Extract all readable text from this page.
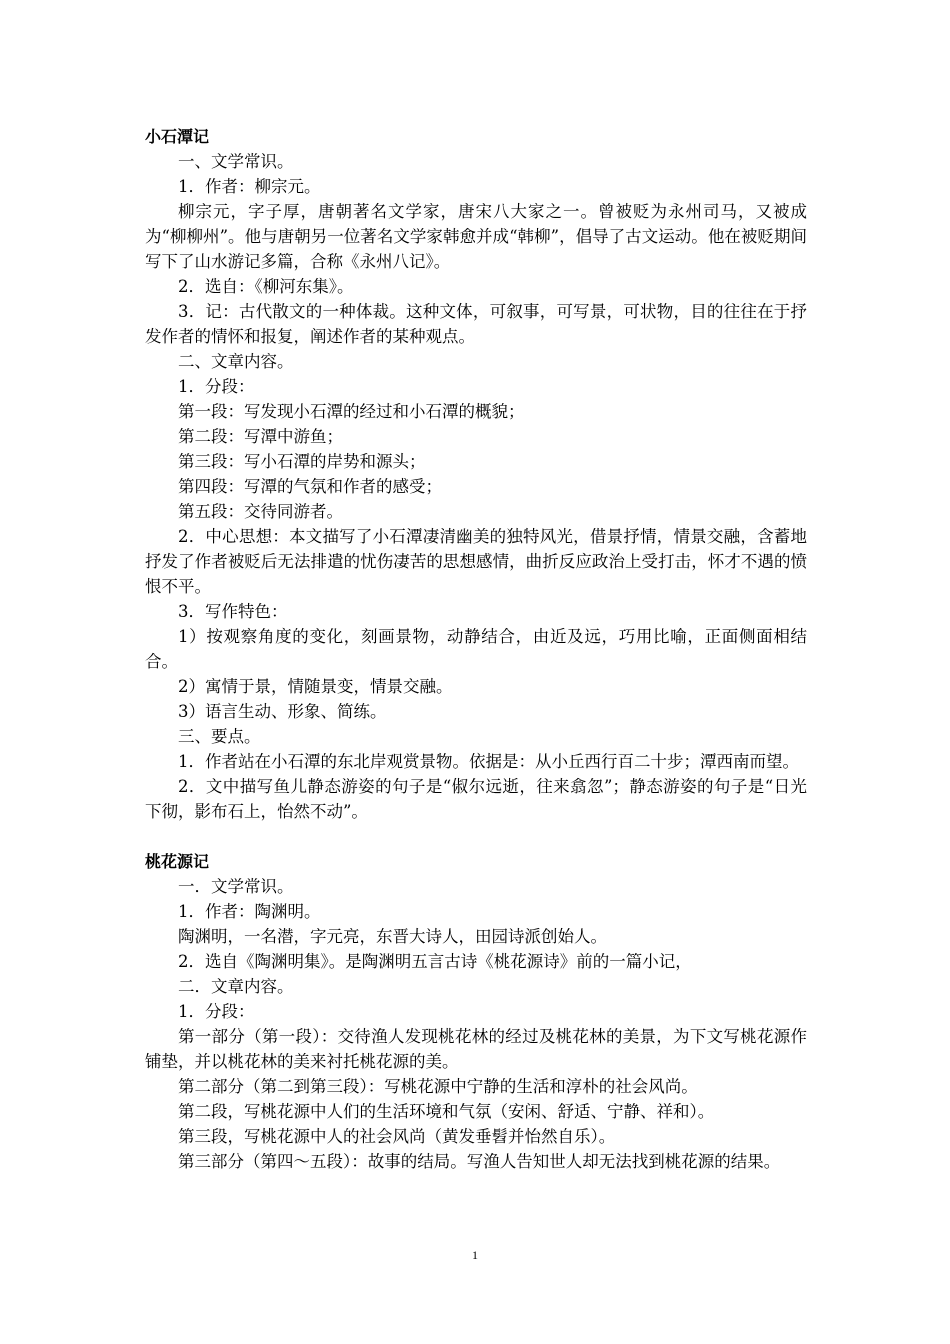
小石潭记
一、文学常识。
1．作者：柳宗元。
柳宗元，字子厚，唐朝著名文学家，唐宋八大家之一。曾被贬为永州司马，又被成为“柳柳州”。他与唐朝另一位著名文学家韩愈并成“韩柳”，倡导了古文运动。他在被贬期间写下了山水游记多篇，合称《永州八记》。
2．选自：《柳河东集》。
3．记：古代散文的一种体裁。这种文体，可叙事，可写景，可状物，目的往往在于抒发作者的情怀和报复，阐述作者的某种观点。
二、文章内容。
1．分段：
第一段：写发现小石潭的经过和小石潭的概貌；
第二段：写潭中游鱼；
第三段：写小石潭的岸势和源头；
第四段：写潭的气氛和作者的感受；
第五段：交待同游者。
2．中心思想：本文描写了小石潭凄清幽美的独特风光，借景抒情，情景交融，含蓄地抒发了作者被贬后无法排遣的忧伤凄苦的思想感情，曲折反应政治上受打击，怀才不遇的愤恨不平。
3．写作特色：
1）按观察角度的变化，刻画景物，动静结合，由近及远，巧用比喻，正面侧面相结合。
2）寓情于景，情随景变，情景交融。
3）语言生动、形象、简练。
三、要点。
1．作者站在小石潭的东北岸观赏景物。依据是：从小丘西行百二十步；潭西南而望。
2．文中描写鱼儿静态游姿的句子是“俶尔远逝，往来翕忽”；静态游姿的句子是“日光下彻，影布石上，怡然不动”。
桃花源记
一．文学常识。
1．作者：陶渊明。
陶渊明，一名潜，字元亮，东晋大诗人，田园诗派创始人。
2．选自《陶渊明集》。是陶渊明五言古诗《桃花源诗》前的一篇小记，
二．文章内容。
1．分段：
第一部分（第一段）：交待渔人发现桃花林的经过及桃花林的美景，为下文写桃花源作铺垫，并以桃花林的美来衬托桃花源的美。
第二部分（第二到第三段）：写桃花源中宁静的生活和淳朴的社会风尚。
第二段，写桃花源中人们的生活环境和气氛（安闲、舒适、宁静、祥和）。
第三段，写桃花源中人的社会风尚（黄发垂髫并怡然自乐）。
第三部分（第四～五段）：故事的结局。写渔人告知世人却无法找到桃花源的结果。
1
